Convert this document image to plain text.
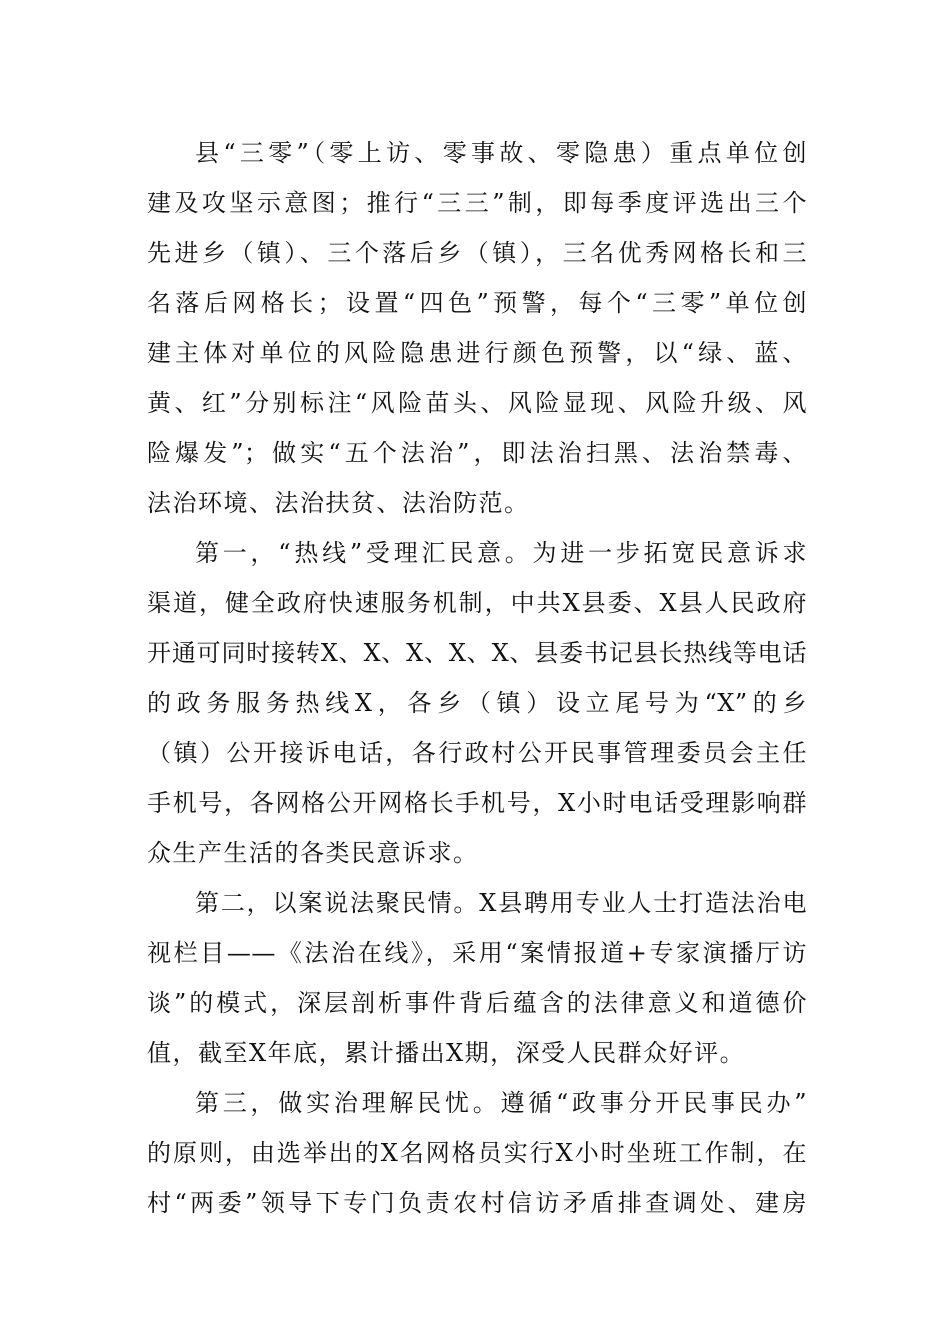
县“三零”（零上访、零事故、零隐患）重点单位创
建及攻坚示意图；推行“三三”制，即每季度评选出三个
先进乡（镇）、三个落后乡（镇），三名优秀网格长和三
名落后网格长；设置“四色”预警，每个“三零”单位创
建主体对单位的风险隐患进行颜色预警，以“绿、蓝、
黄、红”分别标注“风险苗头、风险显现、风险升级、风
险爆发”；做实“五个法治”，即法治扫黑、法治禁毒、
法治环境、法治扶贫、法治防范。
第一，“热线”受理汇民意。为进一步拓宽民意诉求
渠道，健全政府快速服务机制，中共X县委、X县人民政府
开通可同时接转X、X、X、X、X、县委书记县长热线等电话
的政务服务热线X，各乡（镇）设立尾号为“X”的乡
（镇）公开接诉电话，各行政村公开民事管理委员会主任
手机号，各网格公开网格长手机号，X小时电话受理影响群
众生产生活的各类民意诉求。
第二，以案说法聚民情。X县聘用专业人士打造法治电
视栏目——《法治在线》，采用“案情报道+专家演播厅访
谈”的模式，深层剖析事件背后蕴含的法律意义和道德价
值，截至X年底，累计播出X期，深受人民群众好评。
第三，做实治理解民忧。遵循“政事分开民事民办”
的原则，由选举出的X名网格员实行X小时坐班工作制，在
村“两委”领导下专门负责农村信访矛盾排查调处、建房
